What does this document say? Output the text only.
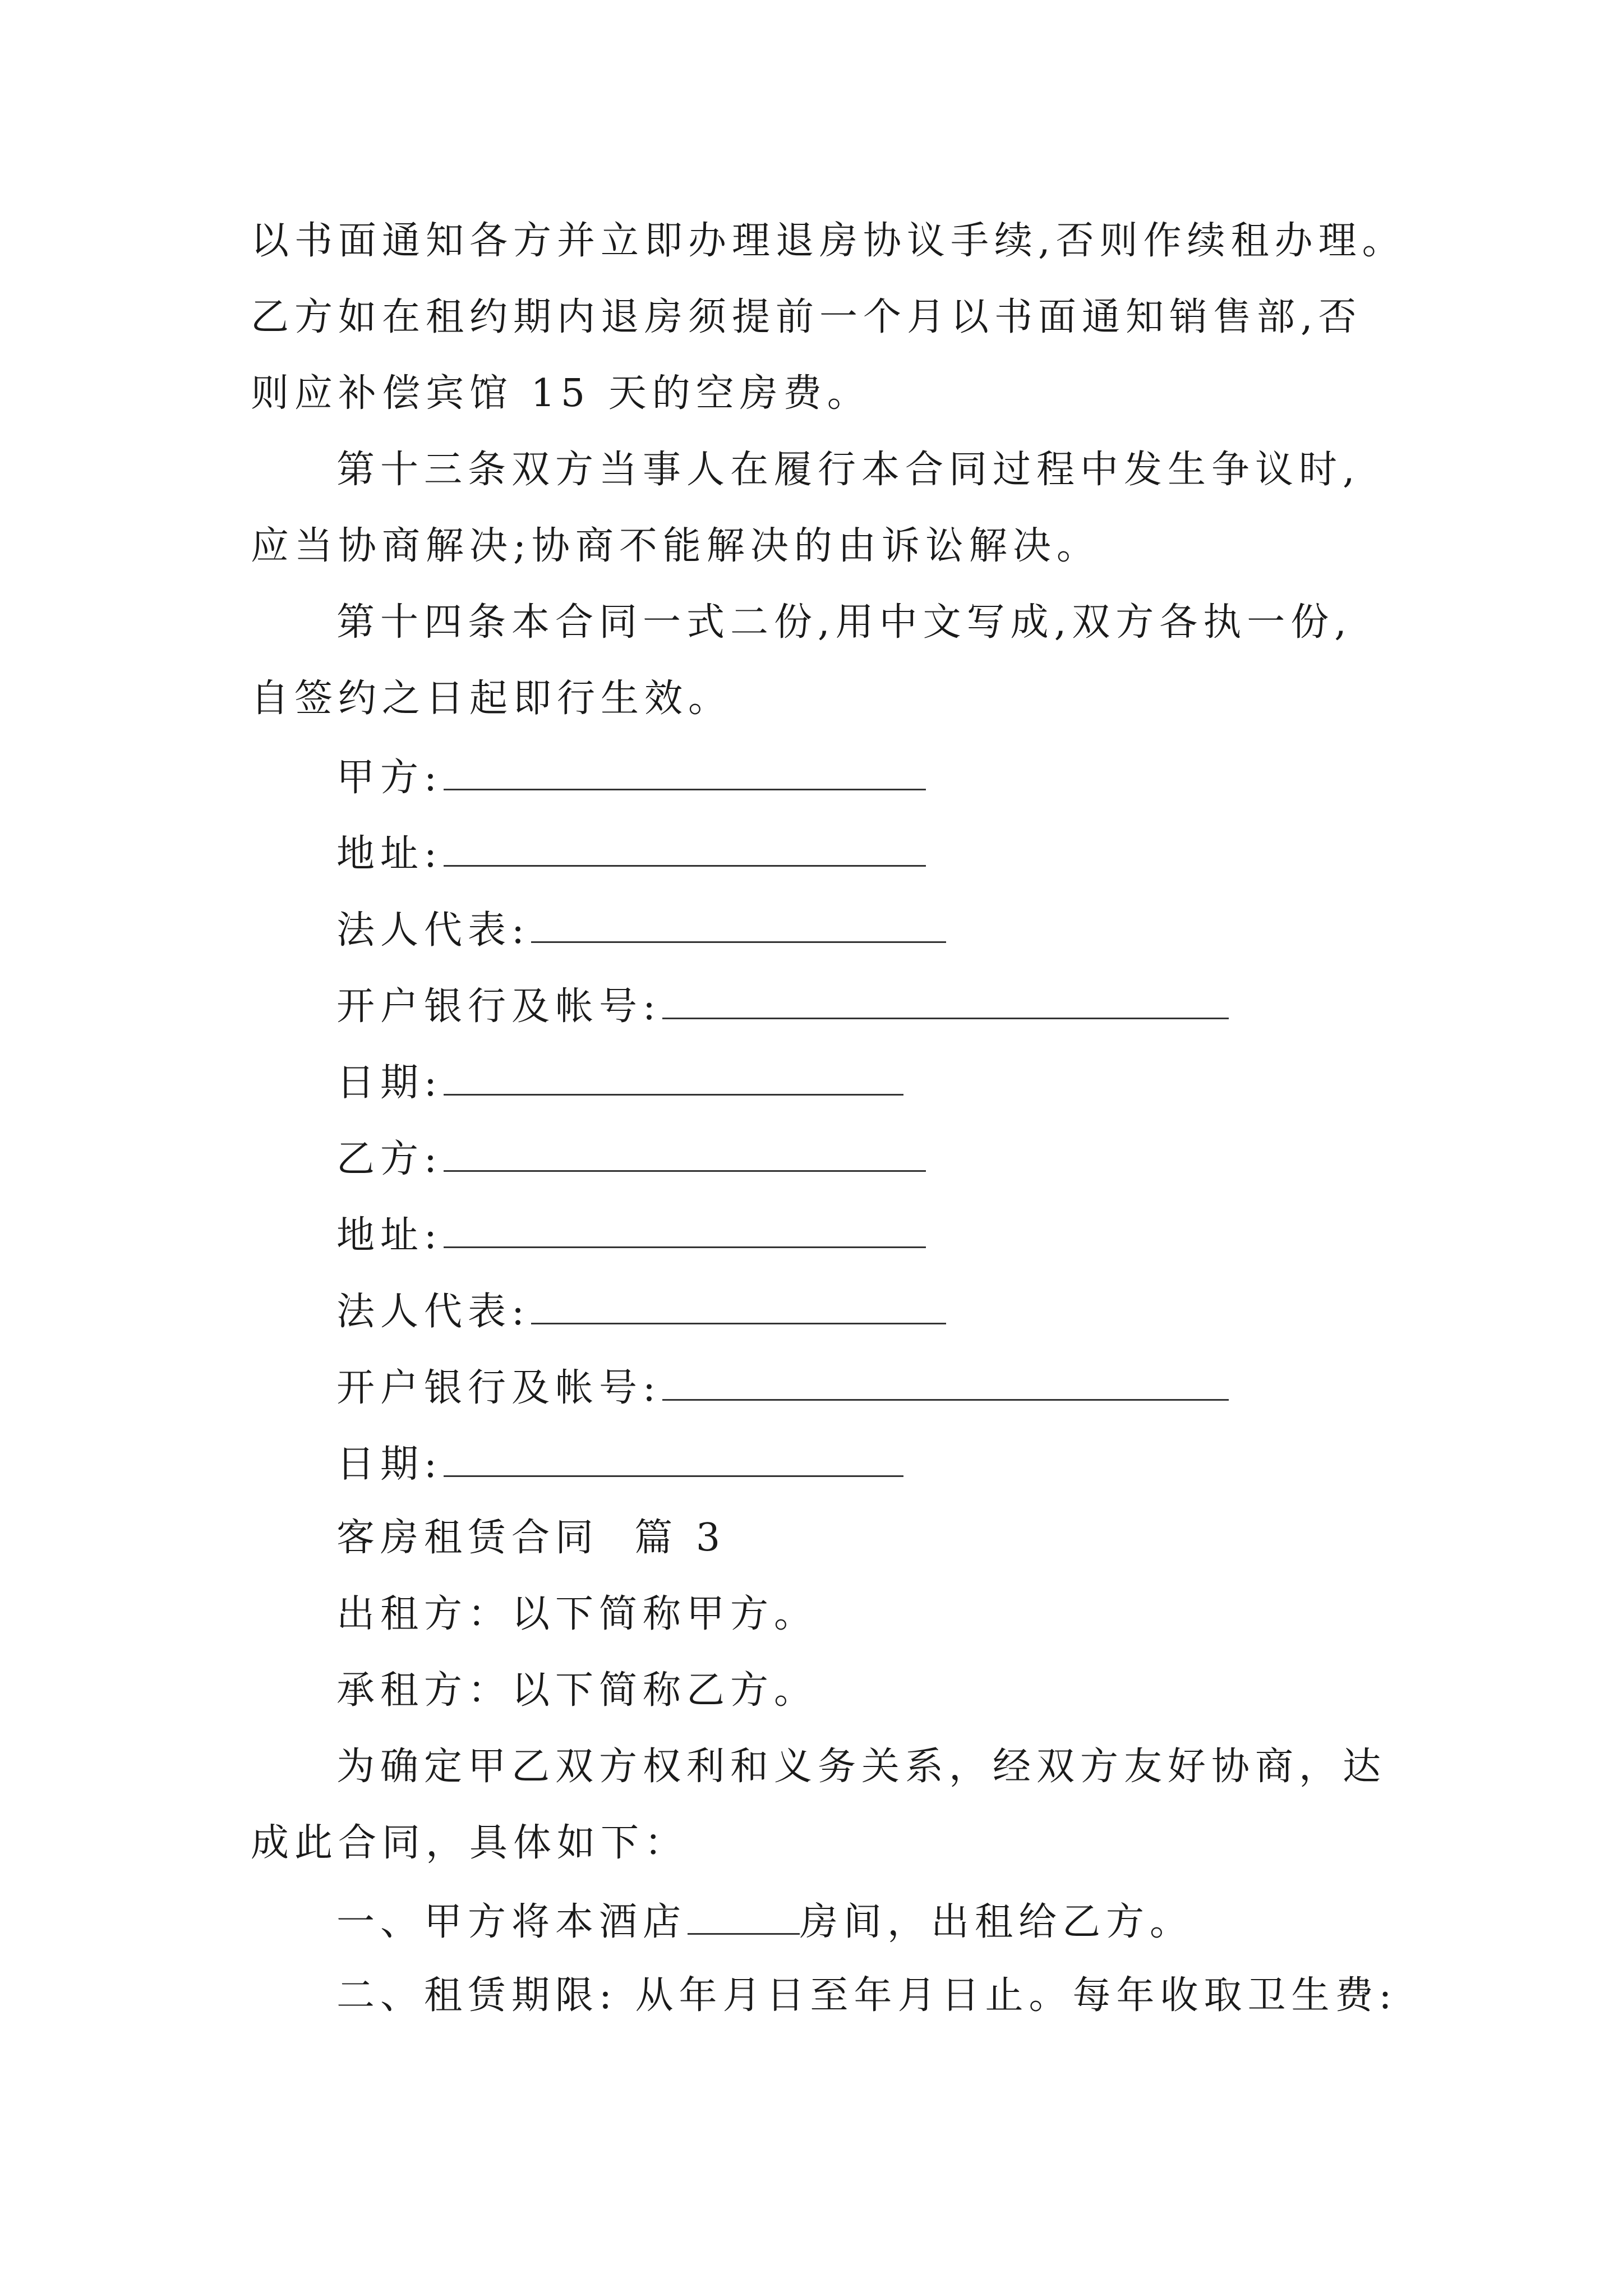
以书面通知各方并立即办理退房协议手续,否则作续租办理。
乙方如在租约期内退房须提前一个月以书面通知销售部,否
则应补偿宾馆 15 天的空房费。
第十三条双方当事人在履行本合同过程中发生争议时,
应当协商解决;协商不能解决的由诉讼解决。
第十四条本合同一式二份,用中文写成,双方各执一份,
自签约之日起即行生效。
甲方:
地址:
法人代表:
开户银行及帐号:
日期:
乙方:
地址:
法人代表:
开户银行及帐号:
日期:
客房租赁合同  篇 3
出租方：以下简称甲方。
承租方：以下简称乙方。
为确定甲乙双方权利和义务关系，经双方友好协商，达
成此合同，具体如下：
一、甲方将本酒店	房间，出租给乙方。
二、租赁期限: 从年月日至年月日止。每年收取卫生费:
